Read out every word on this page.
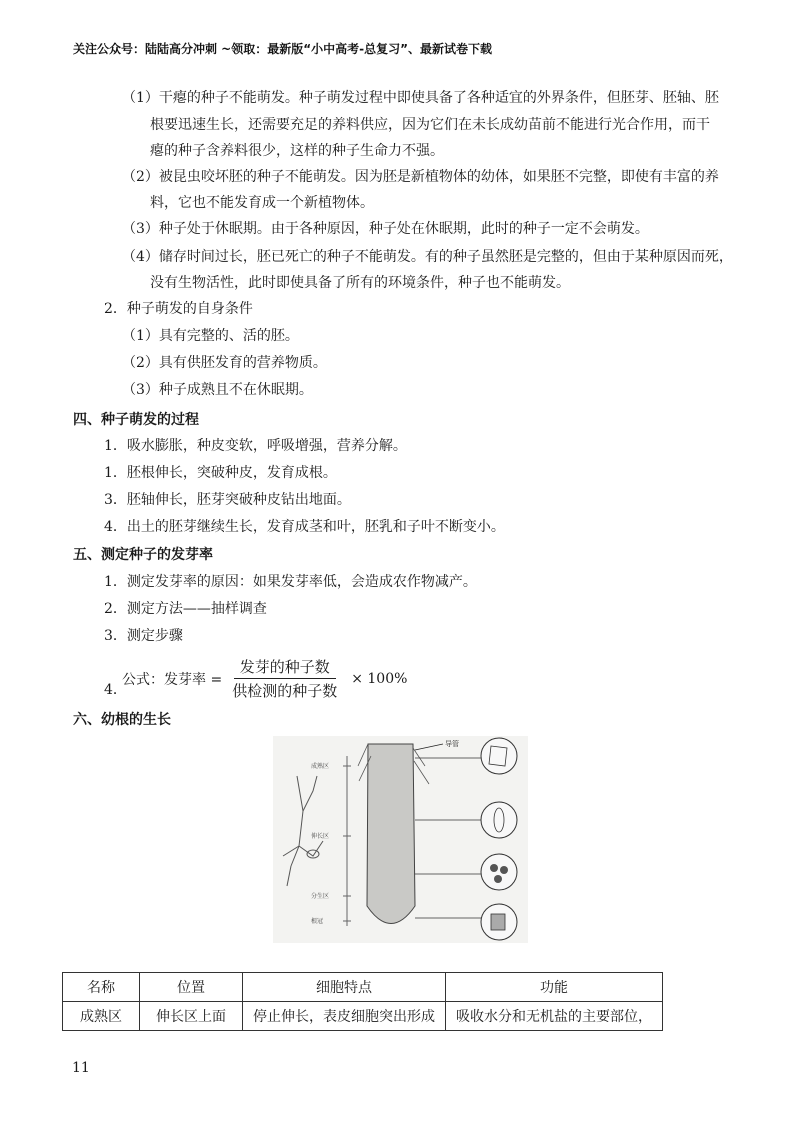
关注公众号：陆陆高分冲刺 ~领取：最新版“小中高考-总复习”、最新试卷下载
（1）干瘪的种子不能萌发。种子萌发过程中即使具备了各种适宜的外界条件，但胚芽、胚轴、胚
根要迅速生长，还需要充足的养料供应，因为它们在未长成幼苗前不能进行光合作用，而干
瘪的种子含养料很少，这样的种子生命力不强。
（2）被昆虫咬坏胚的种子不能萌发。因为胚是新植物体的幼体，如果胚不完整，即使有丰富的养
料，它也不能发育成一个新植物体。
（3）种子处于休眠期。由于各种原因，种子处在休眠期，此时的种子一定不会萌发。
（4）储存时间过长，胚已死亡的种子不能萌发。有的种子虽然胚是完整的，但由于某种原因而死，
没有生物活性，此时即使具备了所有的环境条件，种子也不能萌发。
2．种子萌发的自身条件
（1）具有完整的、活的胚。
（2）具有供胚发育的营养物质。
（3）种子成熟且不在休眠期。
四、种子萌发的过程
1．吸水膨胀，种皮变软，呼吸增强，营养分解。
1．胚根伸长，突破种皮，发育成根。
3．胚轴伸长，胚芽突破种皮钻出地面。
4．出土的胚芽继续生长，发育成茎和叶，胚乳和子叶不断变小。
五、测定种子的发芽率
1．测定发芽率的原因：如果发芽率低，会造成农作物减产。
2．测定方法——抽样调查
3．测定步骤
公式：发芽率 = $\frac{\text{发芽的种子数}}{\text{供检测的种子数}} \times 100\%$
4．
六、幼根的生长
成熟区
伸长区
分生区
根冠
导管
名称	位置	细胞特点	功能
成熟区	伸长区上面	停止伸长，表皮细胞突出形成	吸收水分和无机盐的主要部位，
11
